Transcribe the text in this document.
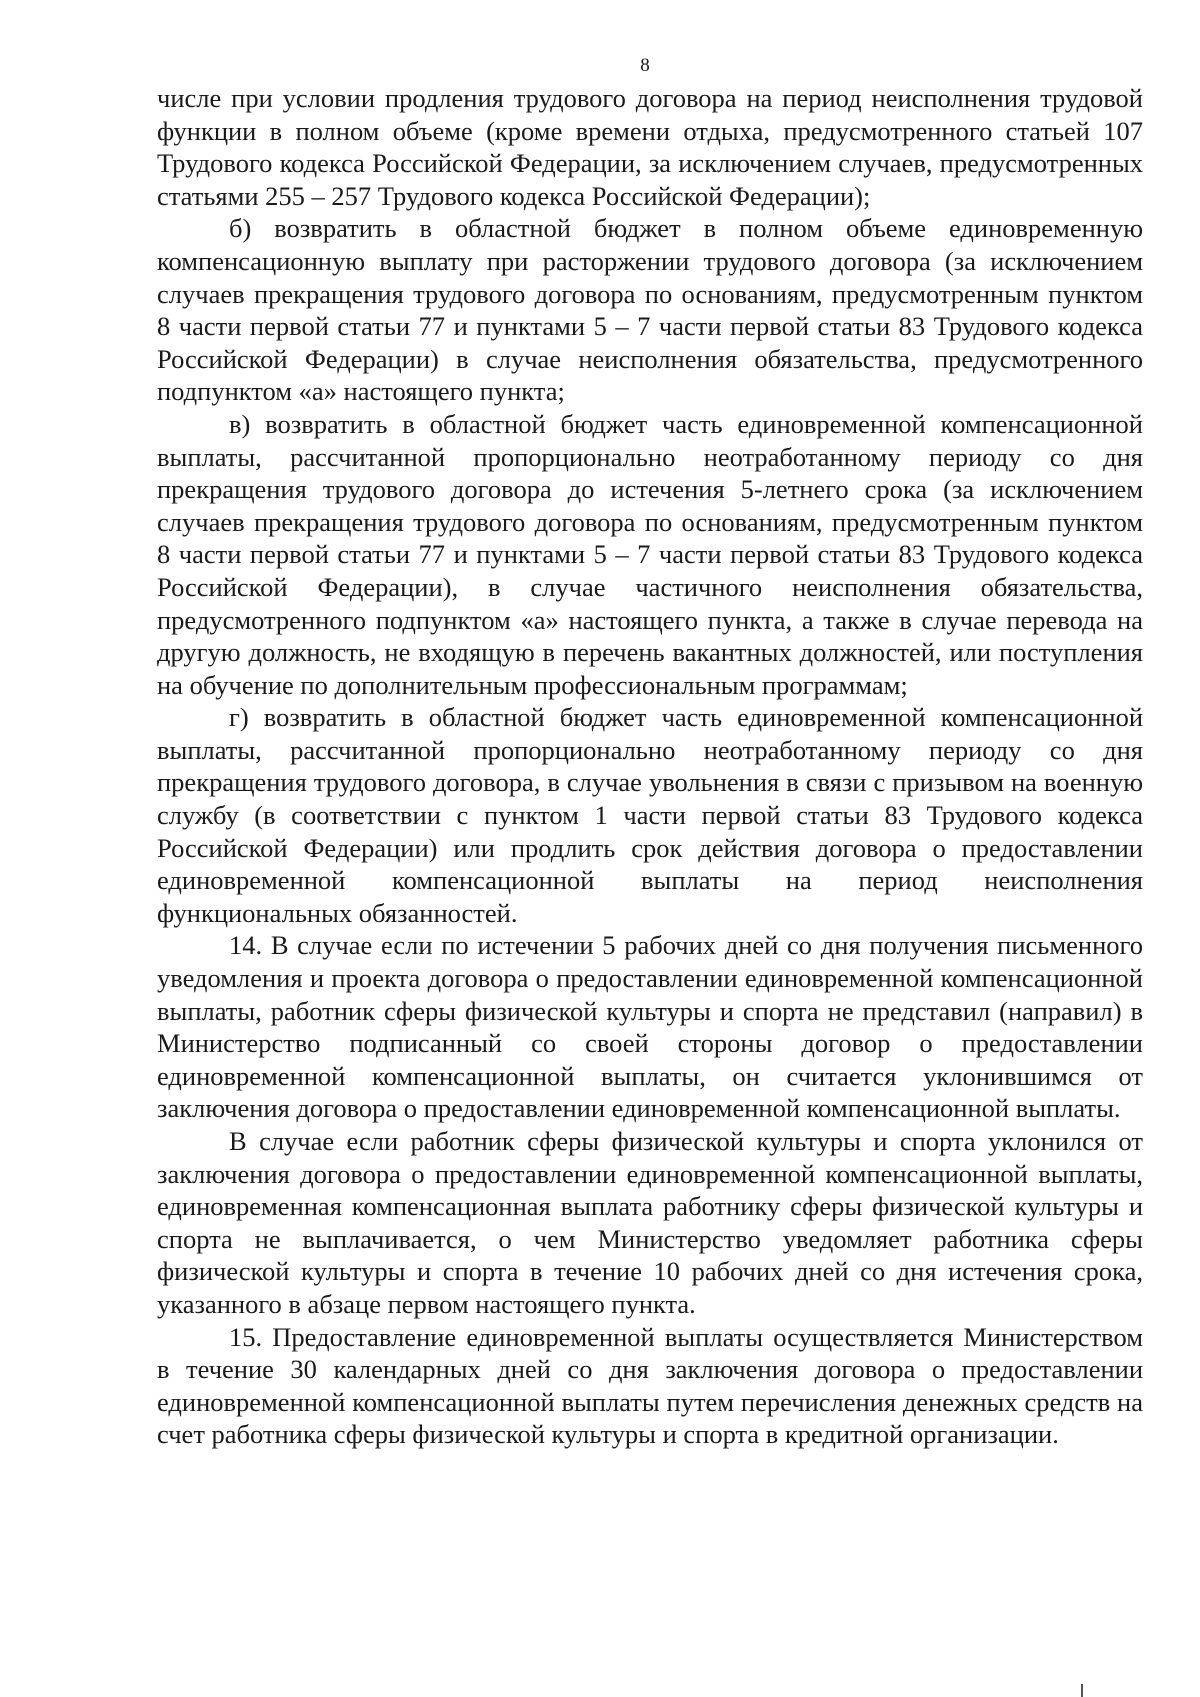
8

числе при условии продления трудового договора на период неисполнения трудовой функции в полном объеме (кроме времени отдыха, предусмотренного статьей 107 Трудового кодекса Российской Федерации, за исключением случаев, предусмотренных статьями 255 – 257 Трудового кодекса Российской Федерации);

б) возвратить в областной бюджет в полном объеме единовременную компенсационную выплату при расторжении трудового договора (за исключением случаев прекращения трудового договора по основаниям, предусмотренным пунктом 8 части первой статьи 77 и пунктами 5 – 7 части первой статьи 83 Трудового кодекса Российской Федерации) в случае неисполнения обязательства, предусмотренного подпунктом «а» настоящего пункта;

в) возвратить в областной бюджет часть единовременной компенсационной выплаты, рассчитанной пропорционально неотработанному периоду со дня прекращения трудового договора до истечения 5-летнего срока (за исключением случаев прекращения трудового договора по основаниям, предусмотренным пунктом 8 части первой статьи 77 и пунктами 5 – 7 части первой статьи 83 Трудового кодекса Российской Федерации), в случае частичного неисполнения обязательства, предусмотренного подпунктом «а» настоящего пункта, а также в случае перевода на другую должность, не входящую в перечень вакантных должностей, или поступления на обучение по дополнительным профессиональным программам;

г) возвратить в областной бюджет часть единовременной компенсационной выплаты, рассчитанной пропорционально неотработанному периоду со дня прекращения трудового договора, в случае увольнения в связи с призывом на военную службу (в соответствии с пунктом 1 части первой статьи 83 Трудового кодекса Российской Федерации) или продлить срок действия договора о предоставлении единовременной компенсационной выплаты на период неисполнения функциональных обязанностей.

14. В случае если по истечении 5 рабочих дней со дня получения письменного уведомления и проекта договора о предоставлении единовременной компенсационной выплаты, работник сферы физической культуры и спорта не представил (направил) в Министерство подписанный со своей стороны договор о предоставлении единовременной компенсационной выплаты, он считается уклонившимся от заключения договора о предоставлении единовременной компенсационной выплаты.

В случае если работник сферы физической культуры и спорта уклонился от заключения договора о предоставлении единовременной компенсационной выплаты, единовременная компенсационная выплата работнику сферы физической культуры и спорта не выплачивается, о чем Министерство уведомляет работника сферы физической культуры и спорта в течение 10 рабочих дней со дня истечения срока, указанного в абзаце первом настоящего пункта.

15. Предоставление единовременной выплаты осуществляется Министерством в течение 30 календарных дней со дня заключения договора о предоставлении единовременной компенсационной выплаты путем перечисления денежных средств на счет работника сферы физической культуры и спорта в кредитной организации.
